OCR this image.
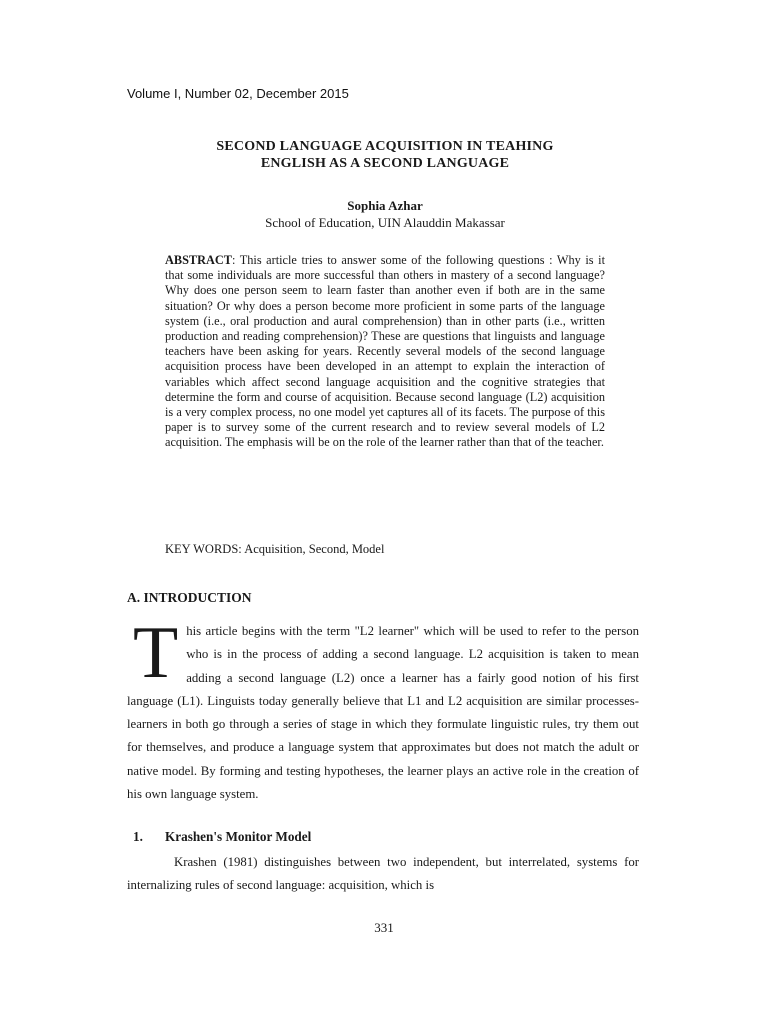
Volume I, Number 02, December 2015
SECOND LANGUAGE ACQUISITION IN TEAHING
ENGLISH AS A SECOND LANGUAGE
Sophia Azhar
School of Education, UIN Alauddin Makassar
ABSTRACT: This article tries to answer some of the following questions : Why is it that some individuals are more successful than others in mastery of a second language? Why does one person seem to learn faster than another even if both are in the same situation? Or why does a person become more proficient in some parts of the language system (i.e., oral production and aural comprehension) than in other parts (i.e., written production and reading comprehension)? These are questions that linguists and language teachers have been asking for years. Recently several models of the second language acquisition process have been developed in an attempt to explain the interaction of variables which affect second language acquisition and the cognitive strategies that determine the form and course of acquisition. Because second language (L2) acquisition is a very complex process, no one model yet captures all of its facets. The purpose of this paper is to survey some of the current research and to review several models of L2 acquisition. The emphasis will be on the role of the learner rather than that of the teacher.
KEY WORDS: Acquisition, Second, Model
A. INTRODUCTION
This article begins with the term "L2 learner" which will be used to refer to the person who is in the process of adding a second language. L2 acquisition is taken to mean adding a second language (L2) once a learner has a fairly good notion of his first language (L1). Linguists today generally believe that L1 and L2 acquisition are similar processes-learners in both go through a series of stage in which they formulate linguistic rules, try them out for themselves, and produce a language system that approximates but does not match the adult or native model. By forming and testing hypotheses, the learner plays an active role in the creation of his own language system.
1. Krashen's Monitor Model
Krashen (1981) distinguishes between two independent, but interrelated, systems for internalizing rules of second language: acquisition, which is
331
